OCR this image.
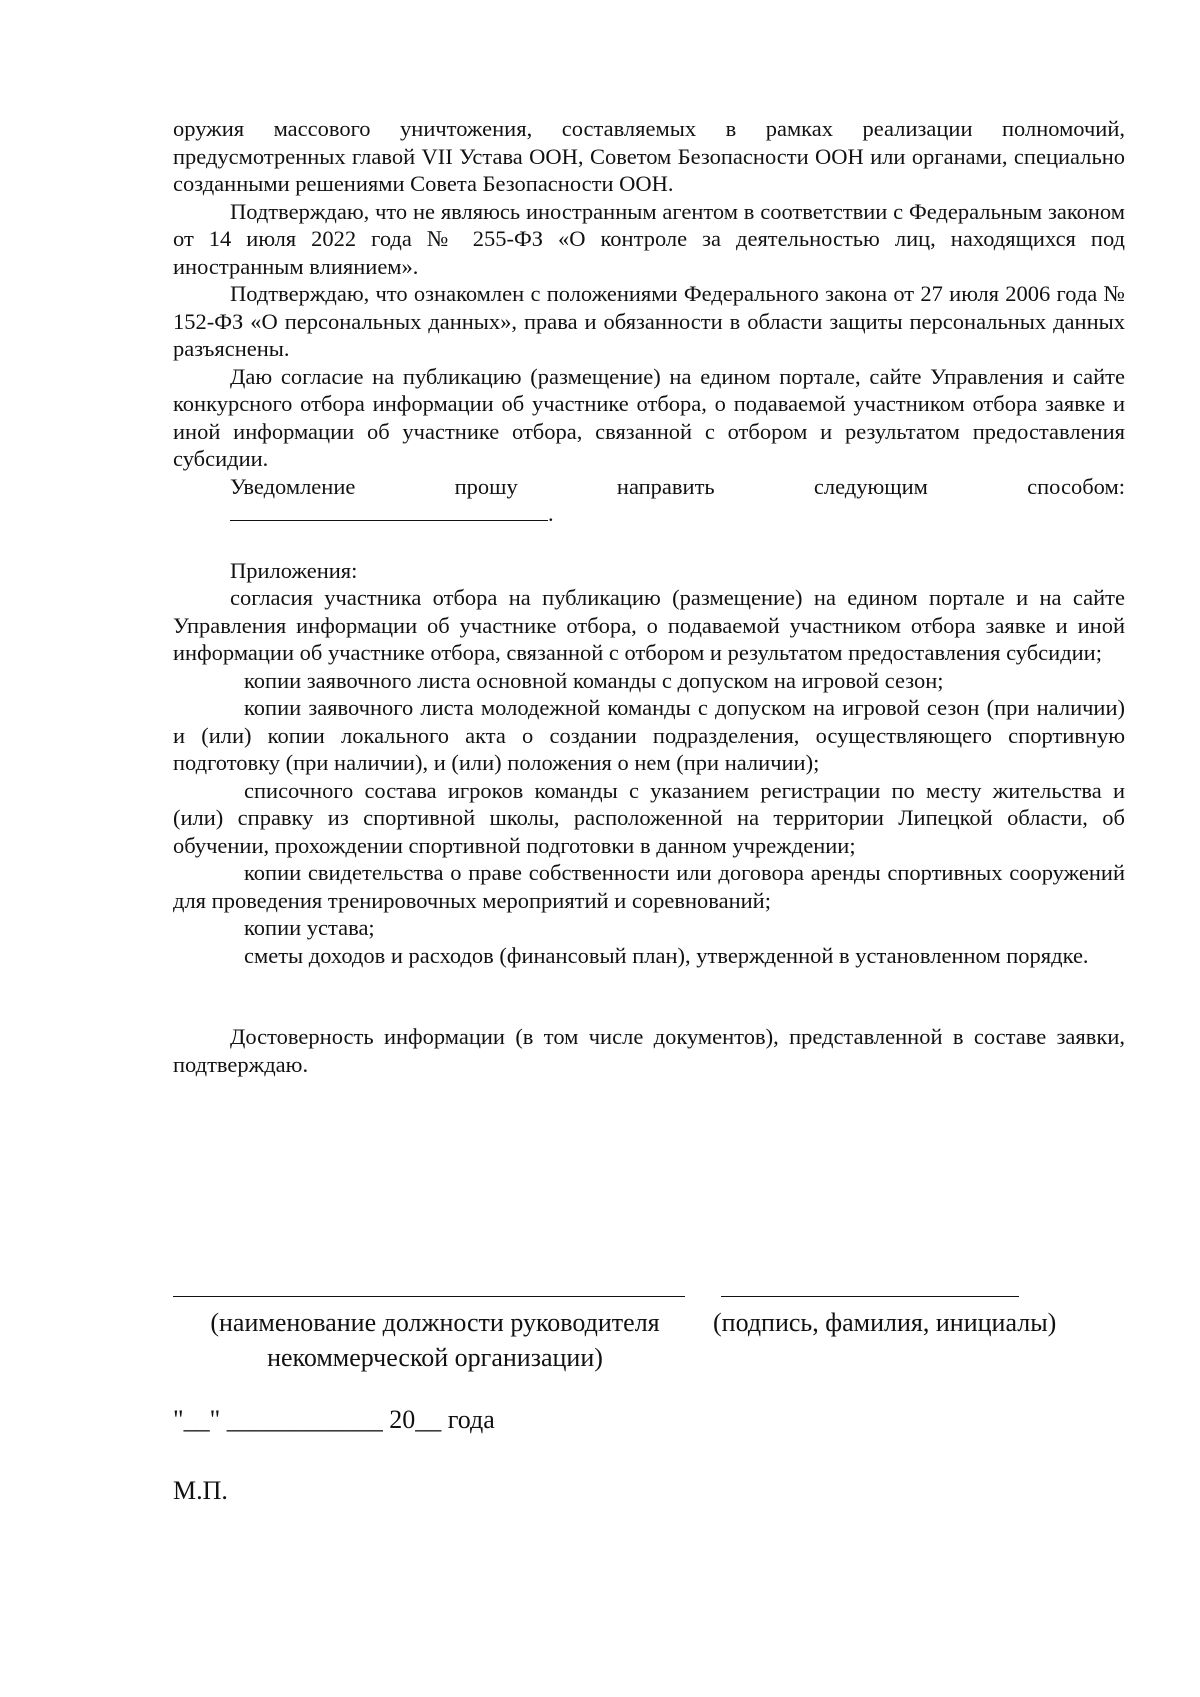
оружия массового уничтожения, составляемых в рамках реализации полномочий, предусмотренных главой VII Устава ООН, Советом Безопасности ООН или органами, специально созданными решениями Совета Безопасности ООН.

Подтверждаю, что не являюсь иностранным агентом в соответствии с Федеральным законом от 14 июля 2022 года № 255-ФЗ «О контроле за деятельностью лиц, находящихся под иностранным влиянием».

Подтверждаю, что ознакомлен с положениями Федерального закона от 27 июля 2006 года № 152-ФЗ «О персональных данных», права и обязанности в области защиты персональных данных разъяснены.

Даю согласие на публикацию (размещение) на едином портале, сайте Управления и сайте конкурсного отбора информации об участнике отбора, о подаваемой участником отбора заявке и иной информации об участнике отбора, связанной с отбором и результатом предоставления субсидии.

Уведомление	прошу	направить	следующим	способом:
.
Приложения:

согласия участника отбора на публикацию (размещение) на едином портале и на сайте Управления информации об участнике отбора, о подаваемой участником отбора заявке и иной информации об участнике отбора, связанной с отбором и результатом предоставления субсидии;

копии заявочного листа основной команды с допуском на игровой сезон;

копии заявочного листа молодежной команды с допуском на игровой сезон (при наличии) и (или) копии локального акта о создании подразделения, осуществляющего спортивную подготовку (при наличии), и (или) положения о нем (при наличии);

списочного состава игроков команды с указанием регистрации по месту жительства и (или) справку из спортивной школы, расположенной на территории Липецкой области, об обучении, прохождении спортивной подготовки в данном учреждении;

копии свидетельства о праве собственности или договора аренды спортивных сооружений для проведения тренировочных мероприятий и соревнований;

копии устава;

сметы доходов и расходов (финансовый план), утвержденной в установленном порядке.

Достоверность информации (в том числе документов), представленной в составе заявки, подтверждаю.

(наименование должности руководителя
некоммерческой организации)
(подпись, фамилия, инициалы)
"__" ____________ 20__ года
М.П.
